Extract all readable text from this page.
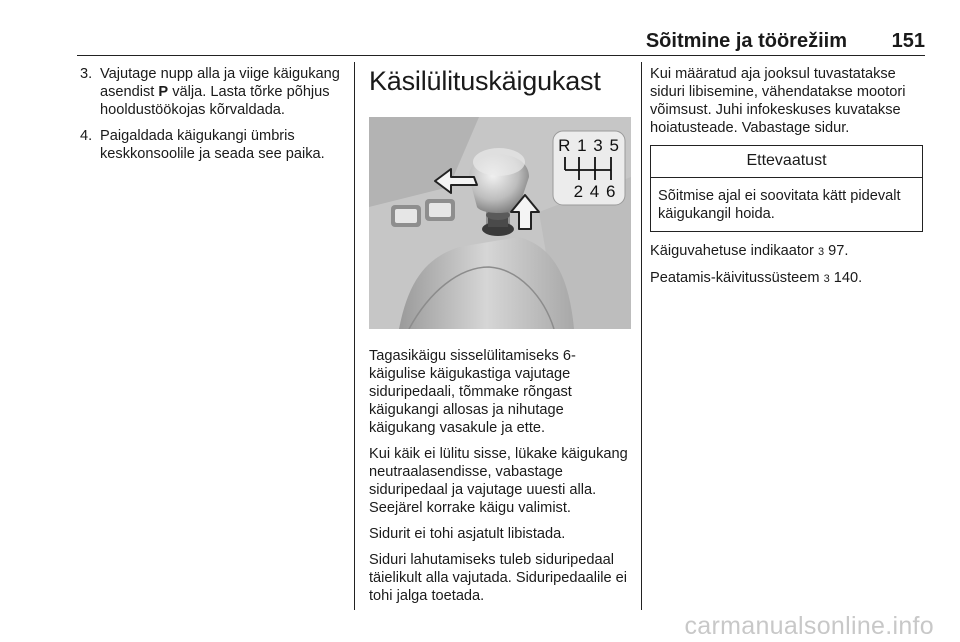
Sõitmine ja töörežiim 151
3. Vajutage nupp alla ja viige käigukang asendist P välja. Lasta tõrke põhjus hooldustöökojas kõrvaldada.
4. Paigaldada käigukangi ümbris keskkonsoolile ja seada see paika.
Käsilülituskäigukast
R 1 3 5
2 4 6

Tagasikäigu sisselülitamiseks 6-käigulise käigukastiga vajutage siduripedaali, tõmmake rõngast käigukangi allosas ja nihutage käigukang vasakule ja ette.

Kui käik ei lülitu sisse, lükake käigukang neutraalasendisse, vabastage siduripedaal ja vajutage uuesti alla. Seejärel korrake käigu valimist.

Sidurit ei tohi asjatult libistada.

Siduri lahutamiseks tuleb siduripedaal täielikult alla vajutada. Siduripedaalile ei tohi jalga toetada.

Kui määratud aja jooksul tuvastatakse siduri libisemine, vähendatakse mootori võimsust. Juhi infokeskuses kuvatakse hoiatusteade. Vabastage sidur.

Ettevaatust
Sõitmise ajal ei soovitata kätt pidevalt käigukangil hoida.

Käiguvahetuse indikaator 3 97.

Peatamis-käivitussüsteem 3 140.

carmanualsonline.info
